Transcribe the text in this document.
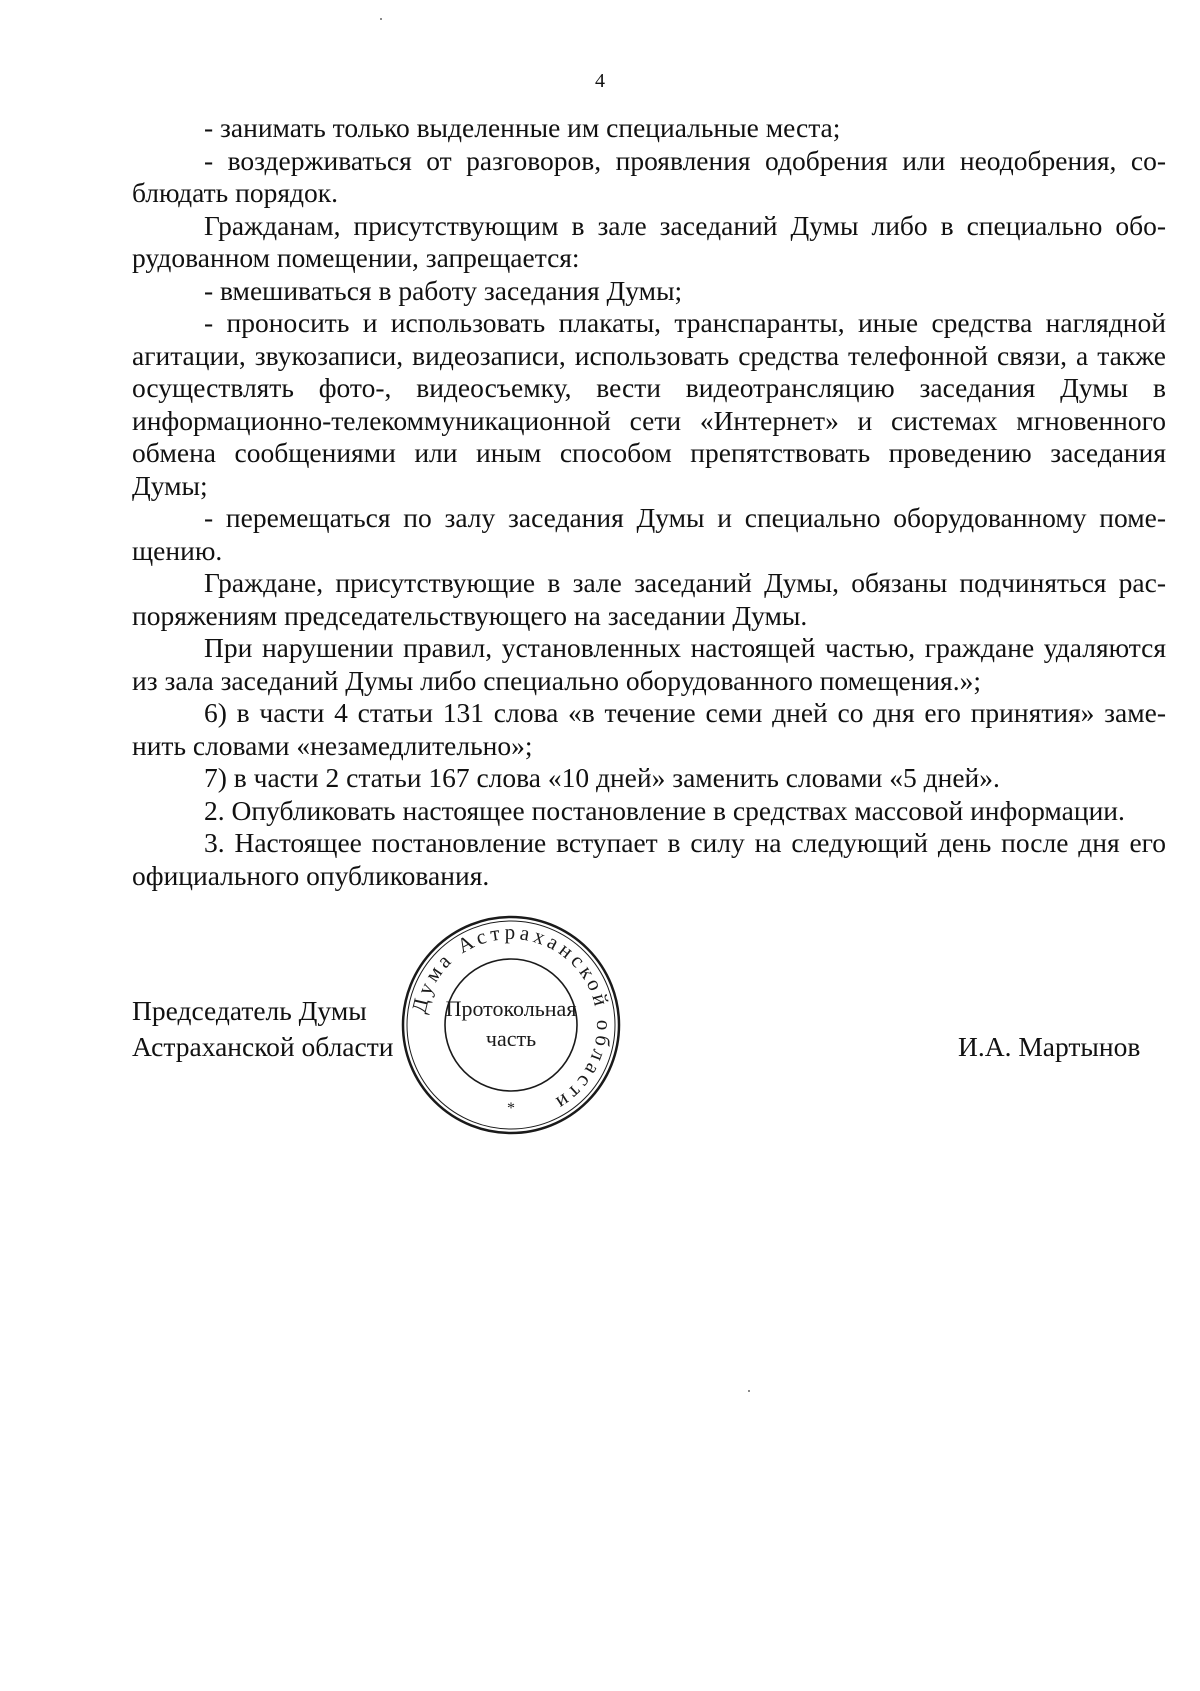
4

- занимать только выделенные им специальные места;

- воздерживаться от разговоров, проявления одобрения или неодобрения, соблюдать порядок.

Гражданам, присутствующим в зале заседаний Думы либо в специально оборудованном помещении, запрещается:

- вмешиваться в работу заседания Думы;

- проносить и использовать плакаты, транспаранты, иные средства наглядной агитации, звукозаписи, видеозаписи, использовать средства телефонной связи, а также осуществлять фото-, видеосъемку, вести видеотрансляцию заседания Думы в информационно-телекоммуникационной сети «Интернет» и системах мгновенного обмена сообщениями или иным способом препятствовать проведению заседания Думы;

- перемещаться по залу заседания Думы и специально оборудованному помещению.

Граждане, присутствующие в зале заседаний Думы, обязаны подчиняться распоряжениям председательствующего на заседании Думы.

При нарушении правил, установленных настоящей частью, граждане удаляются из зала заседаний Думы либо специально оборудованного помещения.»;

6) в части 4 статьи 131 слова «в течение семи дней со дня его принятия» заменить словами «незамедлительно»;

7) в части 2 статьи 167 слова «10 дней» заменить словами «5 дней».

2. Опубликовать настоящее постановление в средствах массовой информации.

3. Настоящее постановление вступает в силу на следующий день после дня его официального опубликования.

Председатель Думы
Астраханской области	И.А. Мартынов
Дума Астраханской области
*
Протокольная
часть
